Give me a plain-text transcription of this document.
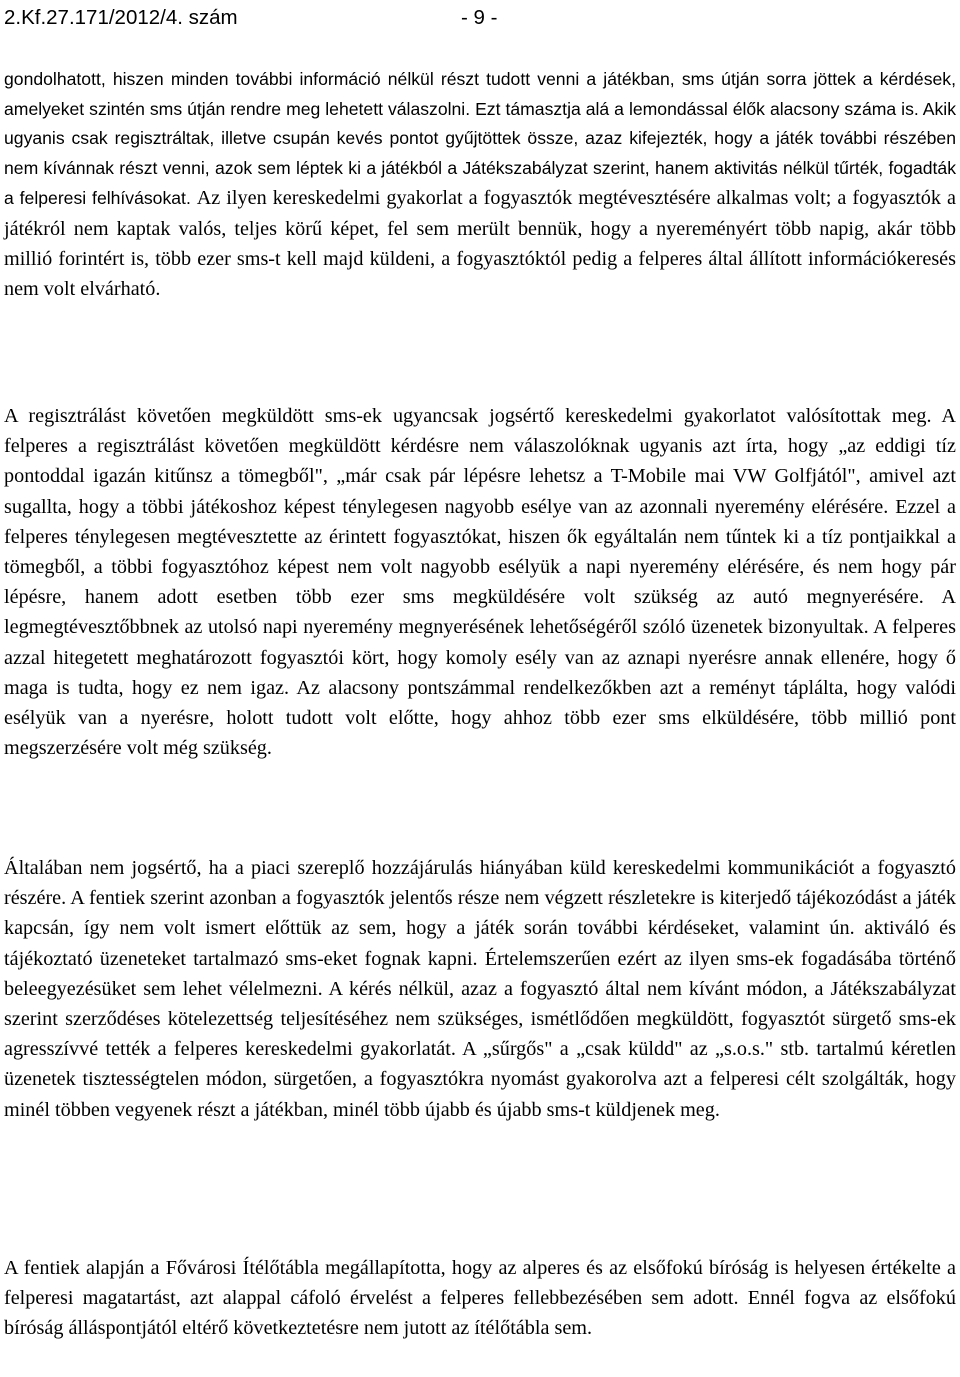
2.Kf.27.171/2012/4. szám	- 9 -

gondolhatott, hiszen minden további információ nélkül részt tudott venni a játékban, sms útján sorra jöttek a kérdések, amelyeket szintén sms útján rendre meg lehetett válaszolni. Ezt támasztja alá a lemondással élők alacsony száma is. Akik ugyanis csak regisztráltak, illetve csupán kevés pontot gyűjtöttek össze, azaz kifejezték, hogy a játék további részében nem kívánnak részt venni, azok sem léptek ki a játékból a Játékszabályzat szerint, hanem aktivitás nélkül tűrték, fogadták a felperesi felhívásokat. Az ilyen kereskedelmi gyakorlat a fogyasztók megtévesztésére alkalmas volt; a fogyasztók a játékról nem kaptak valós, teljes körű képet, fel sem merült bennük, hogy a nyereményért több napig, akár több millió forintért is, több ezer sms-t kell majd küldeni, a fogyasztóktól pedig a felperes által állított információkeresés nem volt elvárható.

A regisztrálást követően megküldött sms-ek ugyancsak jogsértő kereskedelmi gyakorlatot valósítottak meg. A felperes a regisztrálást követően megküldött kérdésre nem válaszolóknak ugyanis azt írta, hogy „az eddigi tíz pontoddal igazán kitűnsz a tömegből", „már csak pár lépésre lehetsz a T-Mobile mai VW Golfjától", amivel azt sugallta, hogy a többi játékoshoz képest ténylegesen nagyobb esélye van az azonnali nyeremény elérésére. Ezzel a felperes ténylegesen megtévesztette az érintett fogyasztókat, hiszen ők egyáltalán nem tűntek ki a tíz pontjaikkal a tömegből, a többi fogyasztóhoz képest nem volt nagyobb esélyük a napi nyeremény elérésére, és nem hogy pár lépésre, hanem adott esetben több ezer sms megküldésére volt szükség az autó megnyerésére. A legmegtévesztőbbnek az utolsó napi nyeremény megnyerésének lehetőségéről szóló üzenetek bizonyultak. A felperes azzal hitegetett meghatározott fogyasztói kört, hogy komoly esély van az aznapi nyerésre annak ellenére, hogy ő maga is tudta, hogy ez nem igaz. Az alacsony pontszámmal rendelkezőkben azt a reményt táplálta, hogy valódi esélyük van a nyerésre, holott tudott volt előtte, hogy ahhoz több ezer sms elküldésére, több millió pont megszerzésére volt még szükség.

Általában nem jogsértő, ha a piaci szereplő hozzájárulás hiányában küld kereskedelmi kommunikációt a fogyasztó részére. A fentiek szerint azonban a fogyasztók jelentős része nem végzett részletekre is kiterjedő tájékozódást a játék kapcsán, így nem volt ismert előttük az sem, hogy a játék során további kérdéseket, valamint ún. aktiváló és tájékoztató üzeneteket tartalmazó sms-eket fognak kapni. Értelemszerűen ezért az ilyen sms-ek fogadásába történő beleegyezésüket sem lehet vélelmezni. A kérés nélkül, azaz a fogyasztó által nem kívánt módon, a Játékszabályzat szerint szerződéses kötelezettség teljesítéséhez nem szükséges, ismétlődően megküldött, fogyasztót sürgető sms-ek agresszívvé tették a felperes kereskedelmi gyakorlatát. A „sűrgős" a „csak küldd" az „s.o.s." stb. tartalmú kéretlen üzenetek tisztességtelen módon, sürgetően, a fogyasztókra nyomást gyakorolva azt a felperesi célt szolgálták, hogy minél többen vegyenek részt a játékban, minél több újabb és újabb sms-t küldjenek meg.

A fentiek alapján a Fővárosi Ítélőtábla megállapította, hogy az alperes és az elsőfokú bíróság is helyesen értékelte a felperesi magatartást, azt alappal cáfoló érvelést a felperes fellebbezésében sem adott. Ennél fogva az elsőfokú bíróság álláspontjától eltérő következtetésre nem jutott az ítélőtábla sem.
